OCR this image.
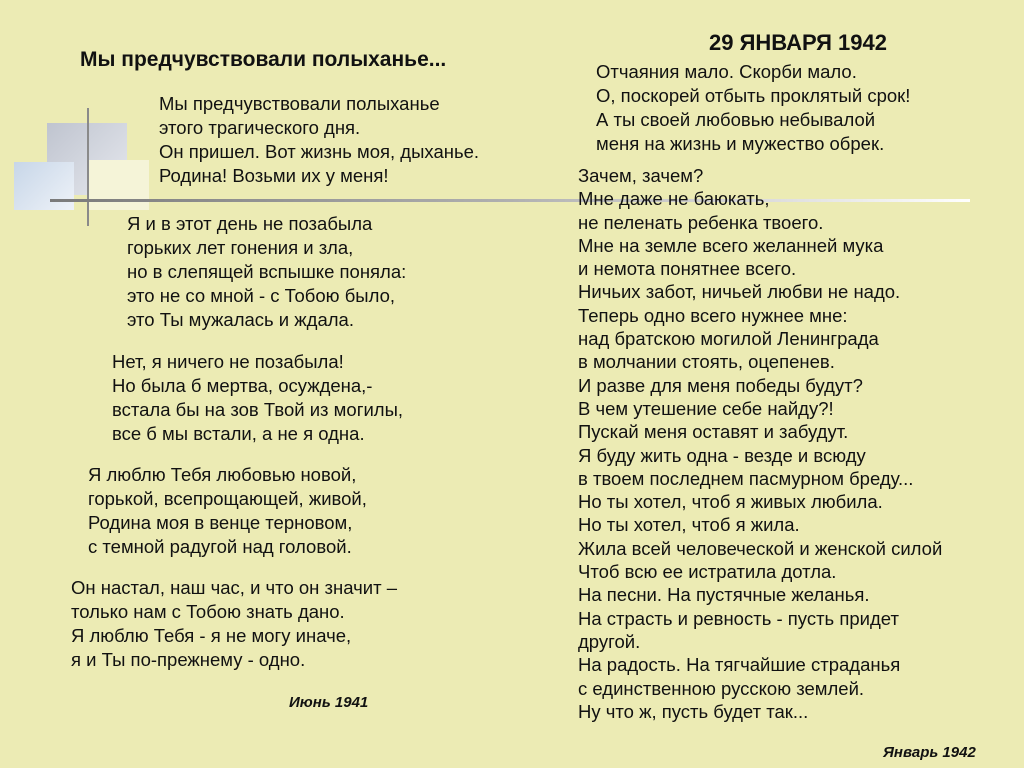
Мы предчувствовали полыханье...
29 ЯНВАРЯ 1942
Мы предчувствовали полыханье
этого трагического дня.
Он пришел. Вот жизнь моя, дыханье.
Родина! Возьми их у меня!
Я и в этот день не позабыла
горьких лет гонения и зла,
но в слепящей вспышке поняла:
это не со мной - с Тобою было,
это Ты мужалась и ждала.
Нет, я ничего не позабыла!
Но была б мертва, осуждена,-
встала бы на зов Твой из могилы,
все б мы встали, а не я одна.
Я люблю Тебя любовью новой,
горькой, всепрощающей, живой,
Родина моя в венце терновом,
с темной радугой над головой.
Он настал, наш час, и что он значит –
только нам с Тобою знать дано.
Я люблю Тебя - я не могу иначе,
я и Ты по-прежнему - одно.

Июнь 1941

Отчаяния мало. Скорби мало.
О, поскорей отбыть проклятый срок!
А ты своей любовью небывалой
меня на жизнь и мужество обрек.
Зачем, зачем?
Мне даже не баюкать,
не пеленать ребенка твоего.
Мне на земле всего желанней мука
и немота понятнее всего.
Ничьих забот, ничьей любви не надо.
Теперь одно всего нужнее мне:
над братскою могилой Ленинграда
в молчании стоять, оцепенев.
И разве для меня победы будут?
В чем утешение себе найду?!
Пускай меня оставят и забудут.
Я буду жить одна - везде и всюду
в твоем последнем пасмурном бреду...
Но ты хотел, чтоб я живых любила.
Но ты хотел, чтоб я жила.
Жила всей человеческой и женской силой
Чтоб всю ее истратила дотла.
На песни. На пустячные желанья.
На страсть и ревность - пусть придет
другой.
На радость. На тягчайшие страданья
с единственною русскою землей.
Ну что ж, пусть будет так...

Январь 1942
